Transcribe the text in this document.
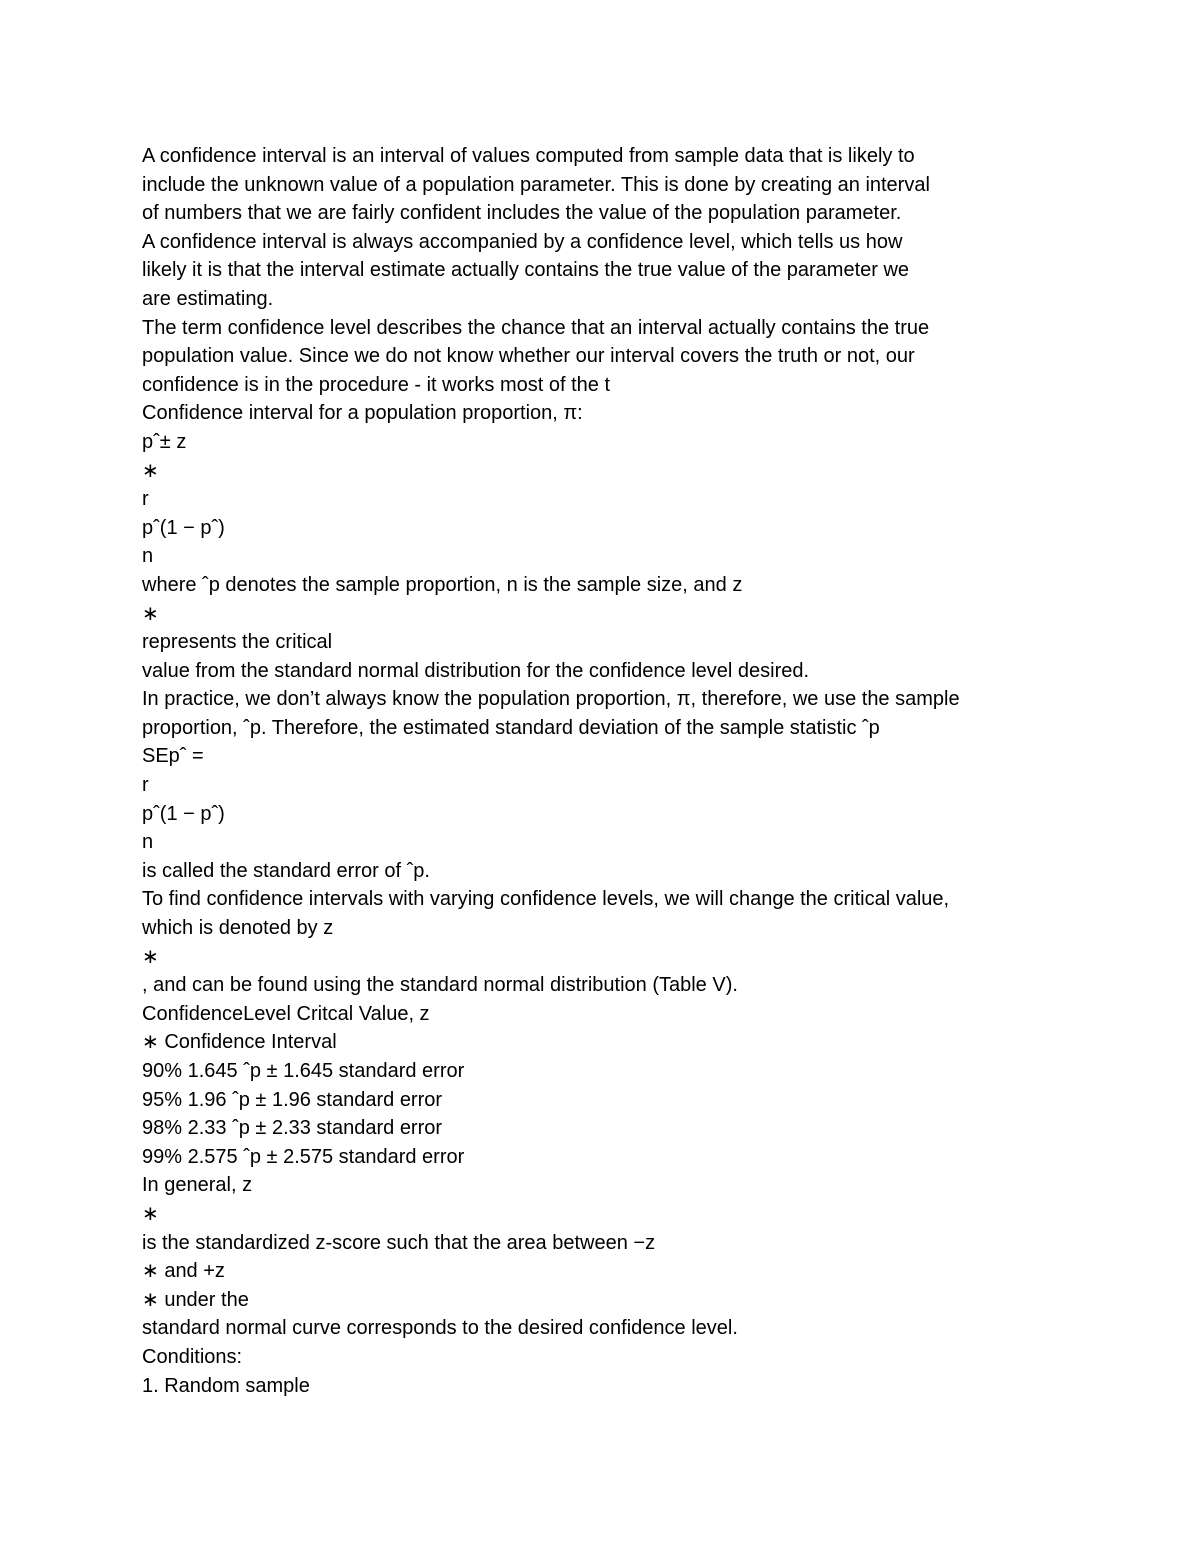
A confidence interval is an interval of values computed from sample data that is likely to
include the unknown value of a population parameter. This is done by creating an interval
of numbers that we are fairly confident includes the value of the population parameter.
A confidence interval is always accompanied by a confidence level, which tells us how
likely it is that the interval estimate actually contains the true value of the parameter we
are estimating.
The term confidence level describes the chance that an interval actually contains the true
population value. Since we do not know whether our interval covers the truth or not, our
confidence is in the procedure - it works most of the t
Confidence interval for a population proportion, π:
pˆ± z
∗
r
pˆ(1 − pˆ)
n
where ˆp denotes the sample proportion, n is the sample size, and z
∗
represents the critical
value from the standard normal distribution for the confidence level desired.
In practice, we don’t always know the population proportion, π, therefore, we use the sample
proportion, ˆp. Therefore, the estimated standard deviation of the sample statistic ˆp
SEpˆ =
r
pˆ(1 − pˆ)
n
is called the standard error of ˆp.
To find confidence intervals with varying confidence levels, we will change the critical value,
which is denoted by z
∗
, and can be found using the standard normal distribution (Table V).
ConfidenceLevel Critcal Value, z
∗ Confidence Interval
90% 1.645 ˆp ± 1.645 standard error
95% 1.96 ˆp ± 1.96 standard error
98% 2.33 ˆp ± 2.33 standard error
99% 2.575 ˆp ± 2.575 standard error
In general, z
∗
is the standardized z-score such that the area between −z
∗ and +z
∗ under the
standard normal curve corresponds to the desired confidence level.
Conditions:
1. Random sample
